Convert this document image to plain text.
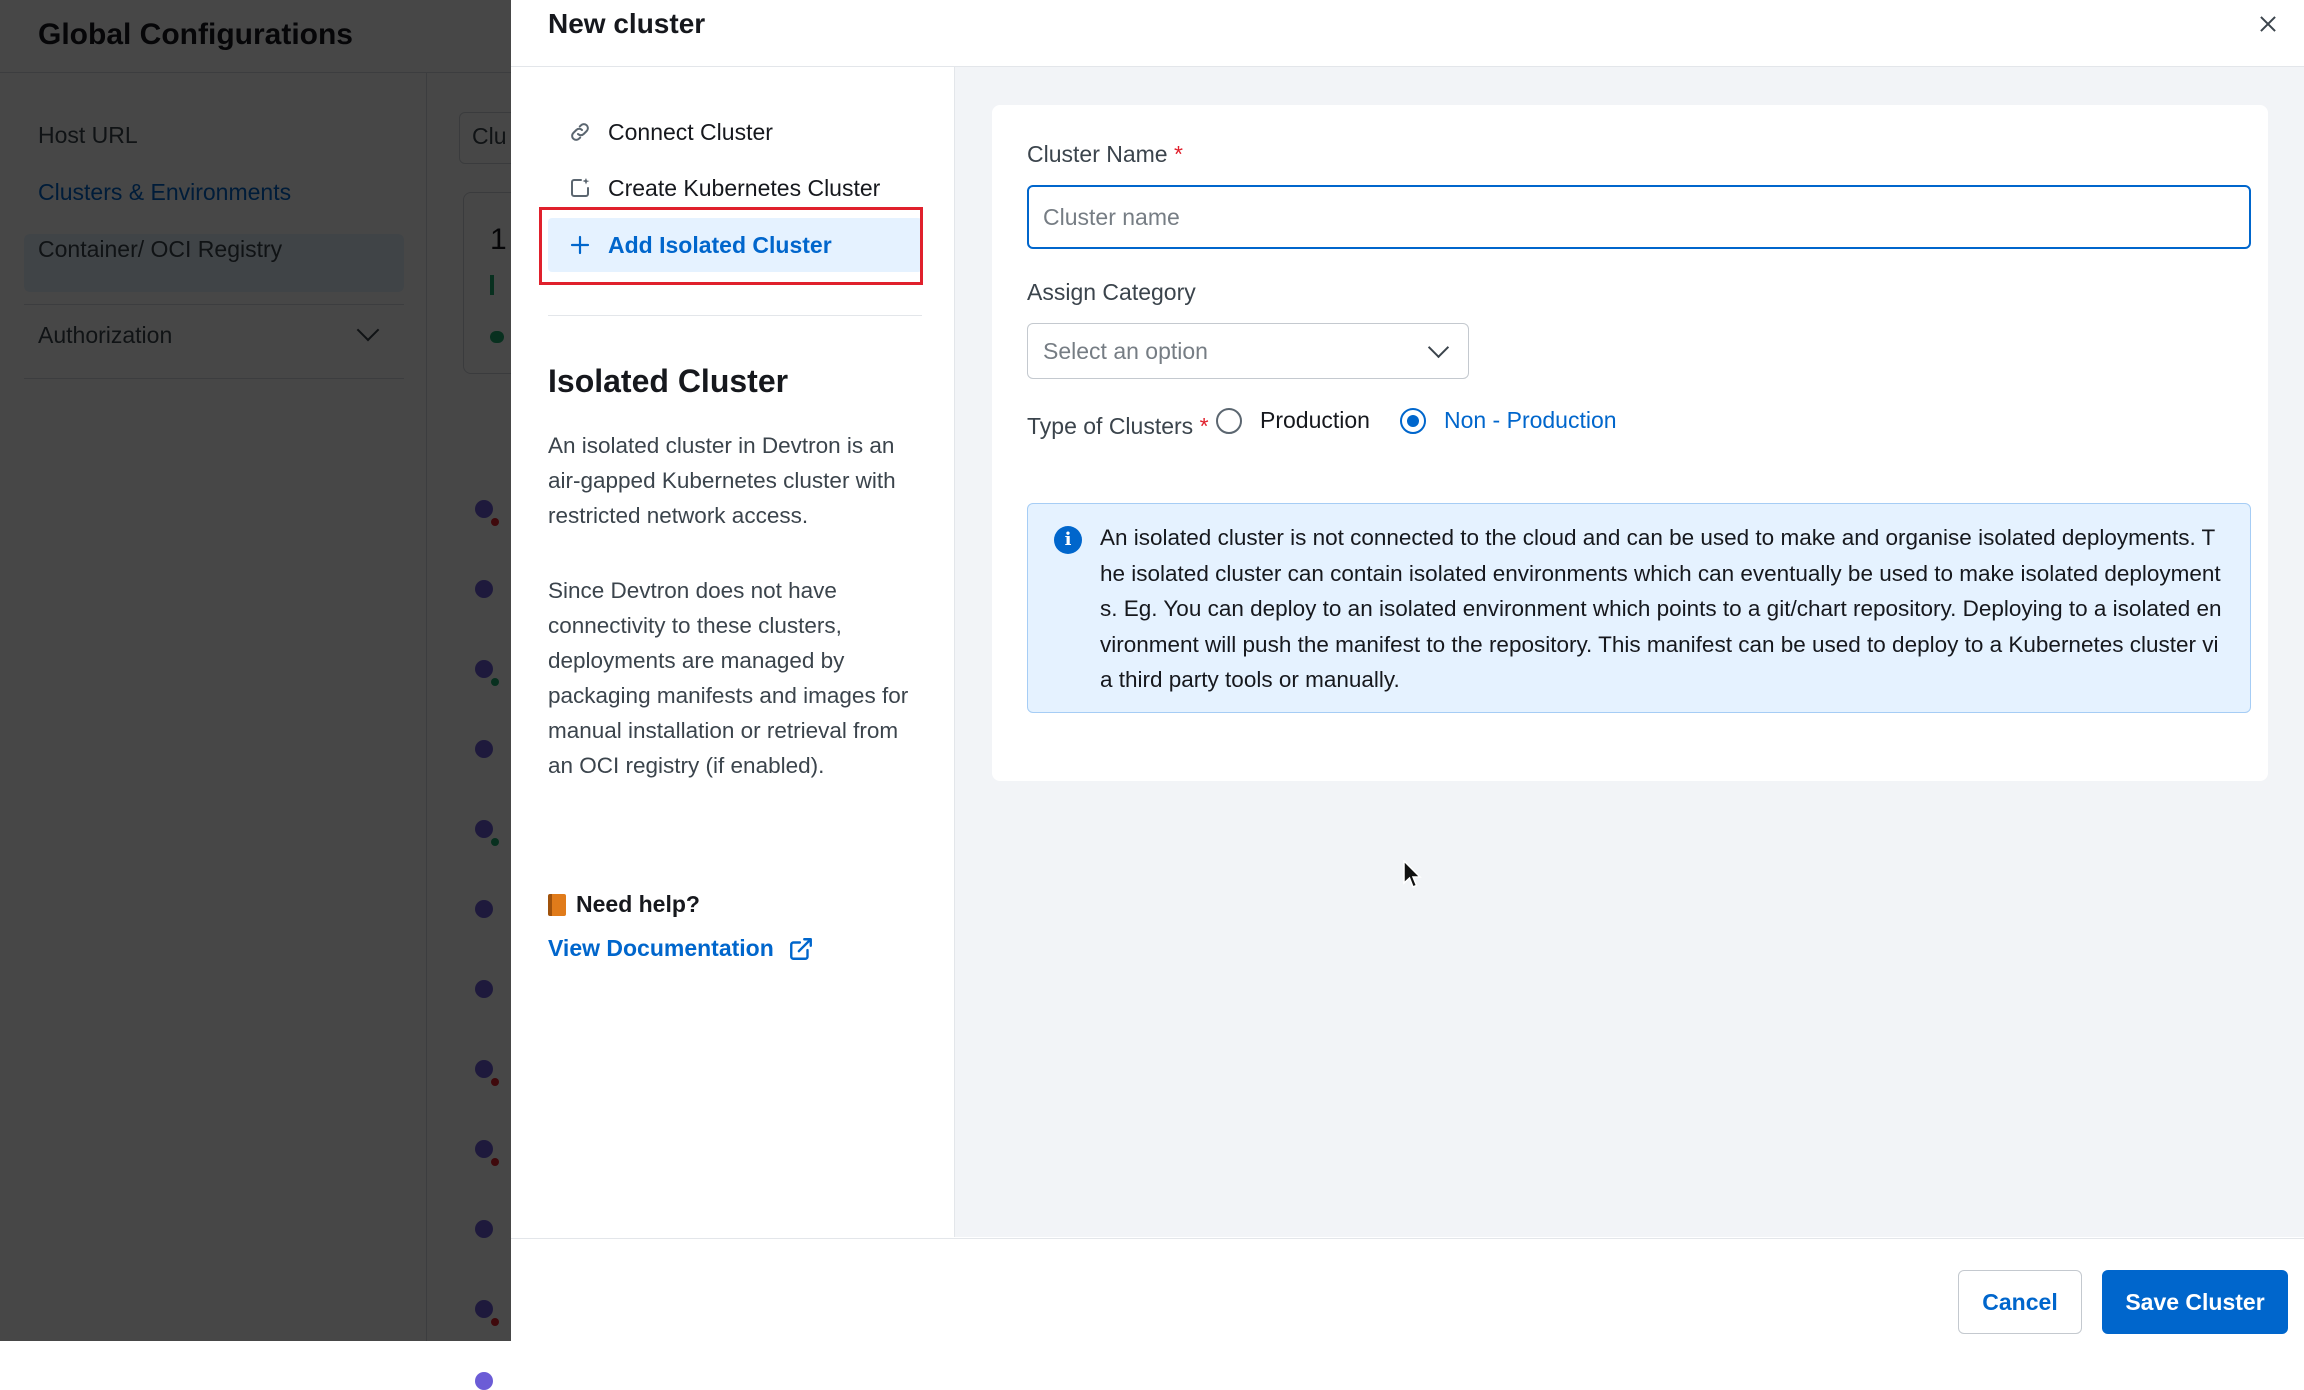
New cluster
Connect Cluster
Create Kubernetes Cluster
Add Isolated Cluster
Isolated Cluster
An isolated cluster in Devtron is an air-gapped Kubernetes cluster with restricted network access.
Since Devtron does not have connectivity to these clusters, deployments are managed by packaging manifests and images for manual installation or retrieval from an OCI registry (if enabled).
Need help?
View Documentation
Cluster Name *
Cluster name
Assign Category
Select an option
Type of Clusters * Production	Non - Production
i	An isolated cluster is not connected to the cloud and can be used to make and organise isolated deployments. The isolated cluster can contain isolated environments which can eventually be used to make isolated deployments. Eg. You can deploy to an isolated environment which points to a git/chart repository. Deploying to a isolated environment will push the manifest to the repository. This manifest can be used to deploy to a Kubernetes cluster via third party tools or manually.
Cancel	Save Cluster
